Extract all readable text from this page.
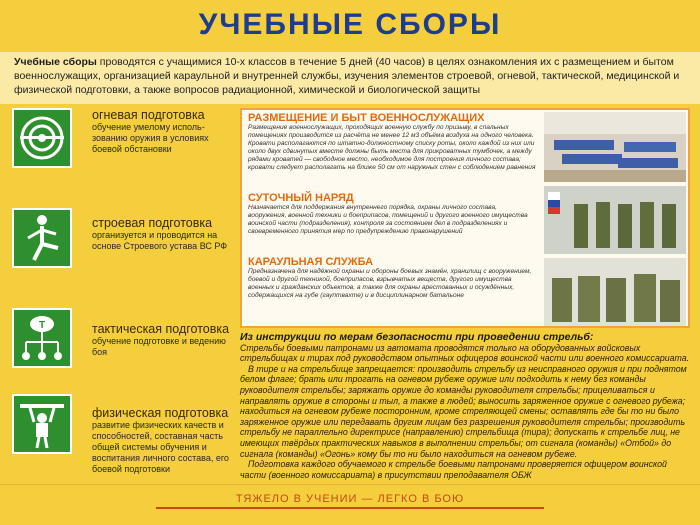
УЧЕБНЫЕ СБОРЫ
Учебные сборы проводятся с учащимися 10-х классов в течение 5 дней (40 часов) в целях ознакомления их с размещением и бытом военнослужащих, организацией караульной и внутренней службы, изучения элементов строевой, огневой, тактической, медицинской и физической подготовки, а также вопросов радиационной, химической и биологической защиты
огневая подготовка
обучение умелому исполь-зованию оружия в условиях боевой обстановки
строевая подготовка
организуется и проводится на основе Строевого устава ВС РФ
T	тактическая подготовка
обучение подготовке и ведению боя
физическая подготовка
развитие физических качеств и способностей, составная часть общей системы обучения и воспитания личного состава, его боевой подготовки
РАЗМЕЩЕНИЕ И БЫТ ВОЕННОСЛУЖАЩИХ
Размещение военнослужащих, проходящих военную службу по призыву, в спальных помещениях производится из расчёта не менее 12 м3 объёма воздуха на одного человека. Кровати располагаются по штатно-должностному списку роты, около каждой из них или около двух сдвинутых вместе должны быть места для прикроватных тумбочек, а между рядами кроватей — свободное место, необходимое для построения личного состава; кровати следует располагать на ближе 50 см от наружных стен с соблюдением равнения
СУТОЧНЫЙ НАРЯД
Назначается для поддержания внутреннего порядка, охраны личного состава, вооружения, военной техники и боеприпасов, помещений и другого военного имущества воинской части (подразделения), контроля за состоянием дел в подразделениях и своевременного принятия мер по предупреждению правонарушений
КАРАУЛЬНАЯ СЛУЖБА
Предназначена для надёжной охраны и обороны боевых знамён, хранилищ с вооружением, боевой и другой техникой, боеприпасов, взрывчатых веществ, другого имущества военных и гражданских объектов, а также для охраны арестованных и осуждённых, содержащихся на губе (гауптвахте) и в дисциплинарном батальоне
Из инструкции по мерам безопасности при проведении стрельб:
Стрельбы боевыми патронами из автомата проводятся только на оборудованных войсковых стрельбищах и тирах под руководством опытных офицеров воинской части или военного комиссариата.
В тире и на стрельбище запрещается: производить стрельбу из неисправного оружия и при поднятом белом флаге; брать или трогать на огневом рубеже оружие или подходить к нему без команды руководителя стрельбы; заряжать оружие до команды руководителя стрельбы; прицеливаться и направлять оружие в стороны и тыл, а также в людей; выносить заряженное оружие с огневого рубежа; находиться на огневом рубеже посторонним, кроме стреляющей смены; оставлять где бы то ни было заряженное оружие или передавать другим лицам без разрешения руководителя стрельбы; производить стрельбу не параллельно директрисе (направлению) стрельбища (тира); допускать к стрельбе лиц, не имеющих твёрдых практических навыков в выполнении стрельбы; от сигнала (команды) «Отбой» до сигнала (команды) «Огонь» кому бы то ни было находиться на огневом рубеже.
Подготовка каждого обучаемого к стрельбе боевыми патронами проверяется офицером воинской части (военного комиссариата) в присутствии преподавателя ОБЖ
ТЯЖЕЛО В УЧЕНИИ — ЛЕГКО В БОЮ
